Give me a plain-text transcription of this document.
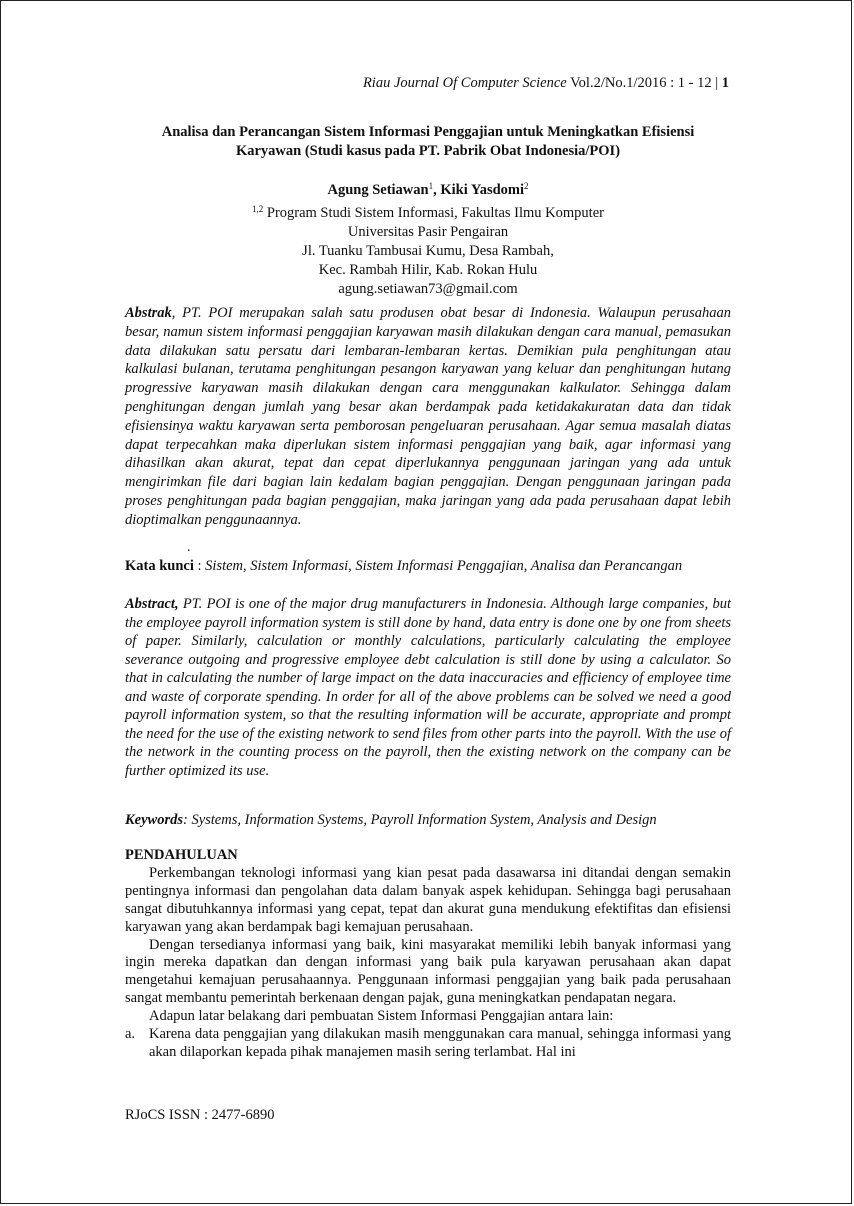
Riau Journal Of Computer Science Vol.2/No.1/2016 : 1 - 12 | 1
Analisa dan Perancangan Sistem Informasi Penggajian untuk Meningkatkan Efisiensi
Karyawan (Studi kasus pada PT. Pabrik Obat Indonesia/POI)
Agung Setiawan$^1$, Kiki Yasdomi$^2$
$^{1,2}$ Program Studi Sistem Informasi, Fakultas Ilmu Komputer
Universitas Pasir Pengairan
Jl. Tuanku Tambusai Kumu, Desa Rambah,
Kec. Rambah Hilir, Kab. Rokan Hulu
agung.setiawan73@gmail.com
Abstrak, PT. POI merupakan salah satu produsen obat besar di Indonesia. Walaupun perusahaan besar, namun sistem informasi penggajian karyawan masih dilakukan dengan cara manual, pemasukan data dilakukan satu persatu dari lembaran-lembaran kertas. Demikian pula penghitungan atau kalkulasi bulanan, terutama penghitungan pesangon karyawan yang keluar dan penghitungan hutang progressive karyawan masih dilakukan dengan cara menggunakan kalkulator. Sehingga dalam penghitungan dengan jumlah yang besar akan berdampak pada ketidakakuratan data dan tidak efisiensinya waktu karyawan serta pemborosan pengeluaran perusahaan. Agar semua masalah diatas dapat terpecahkan maka diperlukan sistem informasi penggajian yang baik, agar informasi yang dihasilkan akan akurat, tepat dan cepat diperlukannya penggunaan jaringan yang ada untuk mengirimkan file dari bagian lain kedalam bagian penggajian. Dengan penggunaan jaringan pada proses penghitungan pada bagian penggajian, maka jaringan yang ada pada perusahaan dapat lebih dioptimalkan penggunaannya.
.
Kata kunci : Sistem, Sistem Informasi, Sistem Informasi Penggajian, Analisa dan Perancangan
Abstract, PT. POI is one of the major drug manufacturers in Indonesia. Although large companies, but the employee payroll information system is still done by hand, data entry is done one by one from sheets of paper. Similarly, calculation or monthly calculations, particularly calculating the employee severance outgoing and progressive employee debt calculation is still done by using a calculator. So that in calculating the number of large impact on the data inaccuracies and efficiency of employee time and waste of corporate spending. In order for all of the above problems can be solved we need a good payroll information system, so that the resulting information will be accurate, appropriate and prompt the need for the use of the existing network to send files from other parts into the payroll. With the use of the network in the counting process on the payroll, then the existing network on the company can be further optimized its use.
Keywords: Systems, Information Systems, Payroll Information System, Analysis and Design
PENDAHULUAN

Perkembangan teknologi informasi yang kian pesat pada dasawarsa ini ditandai dengan semakin pentingnya informasi dan pengolahan data dalam banyak aspek kehidupan. Sehingga bagi perusahaan sangat dibutuhkannya informasi yang cepat, tepat dan akurat guna mendukung efektifitas dan efisiensi karyawan yang akan berdampak bagi kemajuan perusahaan.

Dengan tersedianya informasi yang baik, kini masyarakat memiliki lebih banyak informasi yang ingin mereka dapatkan dan dengan informasi yang baik pula karyawan perusahaan akan dapat mengetahui kemajuan perusahaannya. Penggunaan informasi penggajian yang baik pada perusahaan sangat membantu pemerintah berkenaan dengan pajak, guna meningkatkan pendapatan negara.

Adapun latar belakang dari pembuatan Sistem Informasi Penggajian antara lain:

a. Karena data penggajian yang dilakukan masih menggunakan cara manual, sehingga informasi yang akan dilaporkan kepada pihak manajemen masih sering terlambat. Hal ini
RJoCS ISSN : 2477-6890
